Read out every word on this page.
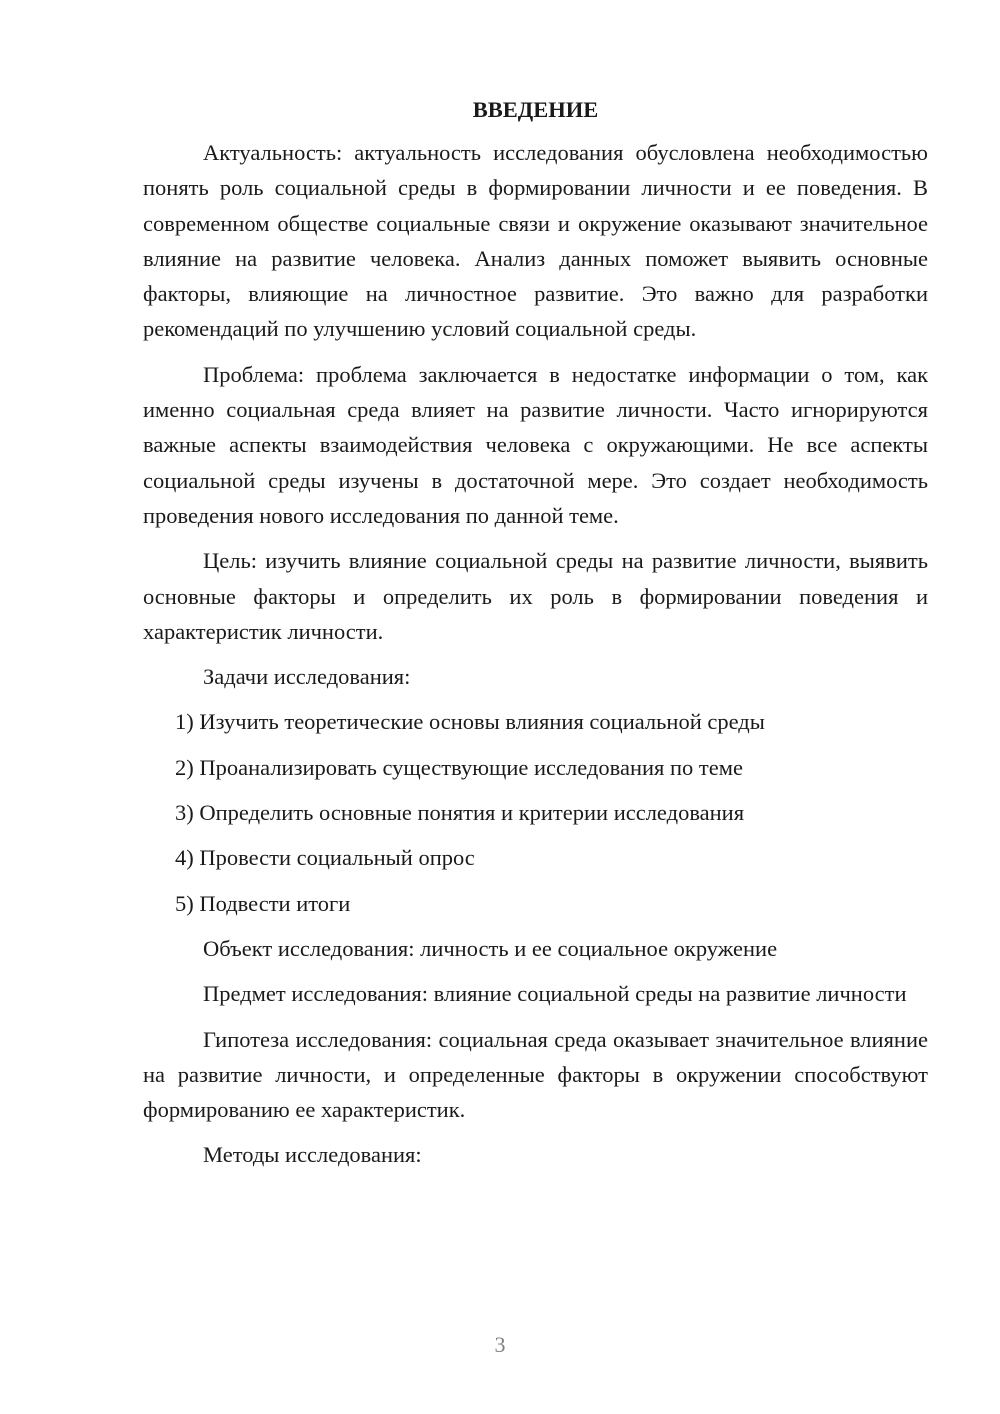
ВВЕДЕНИЕ

Актуальность: актуальность исследования обусловлена необходимостью понять роль социальной среды в формировании личности и ее поведения. В современном обществе социальные связи и окружение оказывают значительное влияние на развитие человека. Анализ данных поможет выявить основные факторы, влияющие на личностное развитие. Это важно для разработки рекомендаций по улучшению условий социальной среды.

Проблема: проблема заключается в недостатке информации о том, как именно социальная среда влияет на развитие личности. Часто игнорируются важные аспекты взаимодействия человека с окружающими. Не все аспекты социальной среды изучены в достаточной мере. Это создает необходимость проведения нового исследования по данной теме.

Цель: изучить влияние социальной среды на развитие личности, выявить основные факторы и определить их роль в формировании поведения и характеристик личности.

Задачи исследования:

1) Изучить теоретические основы влияния социальной среды
2) Проанализировать существующие исследования по теме
3) Определить основные понятия и критерии исследования
4) Провести социальный опрос
5) Подвести итоги

Объект исследования: личность и ее социальное окружение

Предмет исследования: влияние социальной среды на развитие личности

Гипотеза исследования: социальная среда оказывает значительное влияние на развитие личности, и определенные факторы в окружении способствуют формированию ее характеристик.

Методы исследования:

3
